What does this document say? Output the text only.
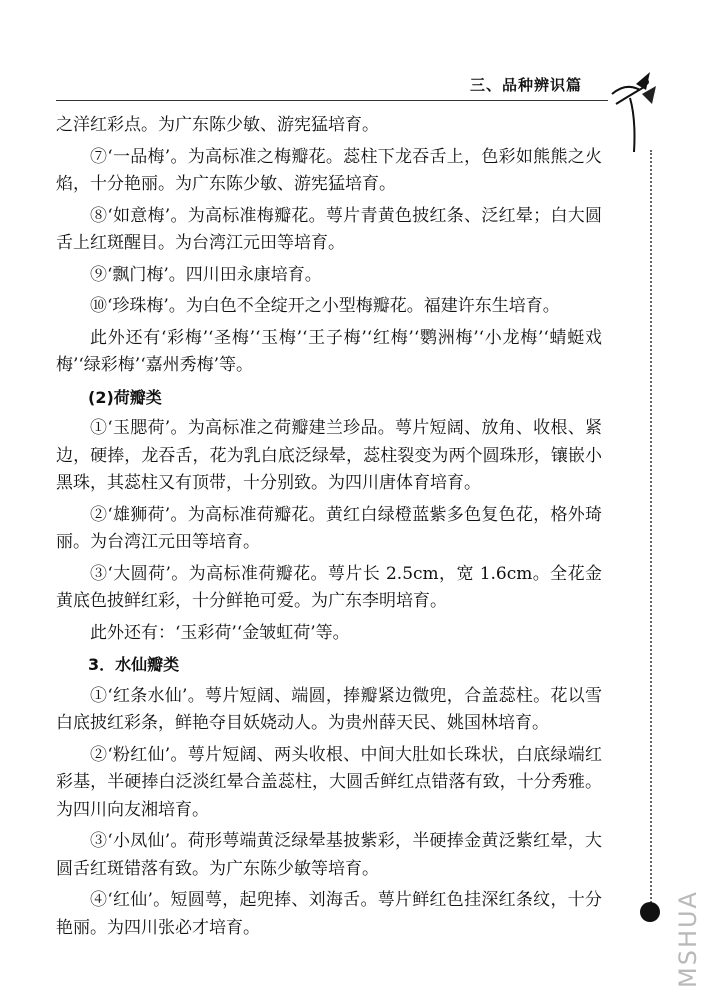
三、品种辨识篇

之洋红彩点。为广东陈少敏、游宪猛培育。

⑦‘一品梅’。为高标准之梅瓣花。蕊柱下龙吞舌上，色彩如熊熊之火焰，十分艳丽。为广东陈少敏、游宪猛培育。

⑧‘如意梅’。为高标准梅瓣花。萼片青黄色披红条、泛红晕；白大圆舌上红斑醒目。为台湾江元田等培育。

⑨‘飘门梅’。四川田永康培育。

⑩‘珍珠梅’。为白色不全绽开之小型梅瓣花。福建许东生培育。

此外还有‘彩梅’‘圣梅’‘玉梅’‘王子梅’‘红梅’‘鹦洲梅’‘小龙梅’‘蜻蜓戏梅’‘绿彩梅’‘嘉州秀梅’等。

(2)荷瓣类

①‘玉腮荷’。为高标准之荷瓣建兰珍品。萼片短阔、放角、收根、紧边，硬捧，龙吞舌，花为乳白底泛绿晕，蕊柱裂变为两个圆珠形，镶嵌小黑珠，其蕊柱又有顶带，十分别致。为四川唐体育培育。

②‘雄狮荷’。为高标准荷瓣花。黄红白绿橙蓝紫多色复色花，格外琦丽。为台湾江元田等培育。

③‘大圆荷’。为高标准荷瓣花。萼片长 2.5cm，宽 1.6cm。全花金黄底色披鲜红彩，十分鲜艳可爱。为广东李明培育。

此外还有：‘玉彩荷’‘金皱虹荷’等。

3．水仙瓣类

①‘红条水仙’。萼片短阔、端圆，捧瓣紧边微兜，合盖蕊柱。花以雪白底披红彩条，鲜艳夺目妖娆动人。为贵州薛天民、姚国林培育。

②‘粉红仙’。萼片短阔、两头收根、中间大肚如长珠状，白底绿端红彩基，半硬捧白泛淡红晕合盖蕊柱，大圆舌鲜红点错落有致，十分秀雅。为四川向友湘培育。

③‘小凤仙’。荷形萼端黄泛绿晕基披紫彩，半硬捧金黄泛紫红晕，大圆舌红斑错落有致。为广东陈少敏等培育。

④‘红仙’。短圆萼，起兜捧、刘海舌。萼片鲜红色挂深红条纹，十分艳丽。为四川张必才培育。	MSHUA
